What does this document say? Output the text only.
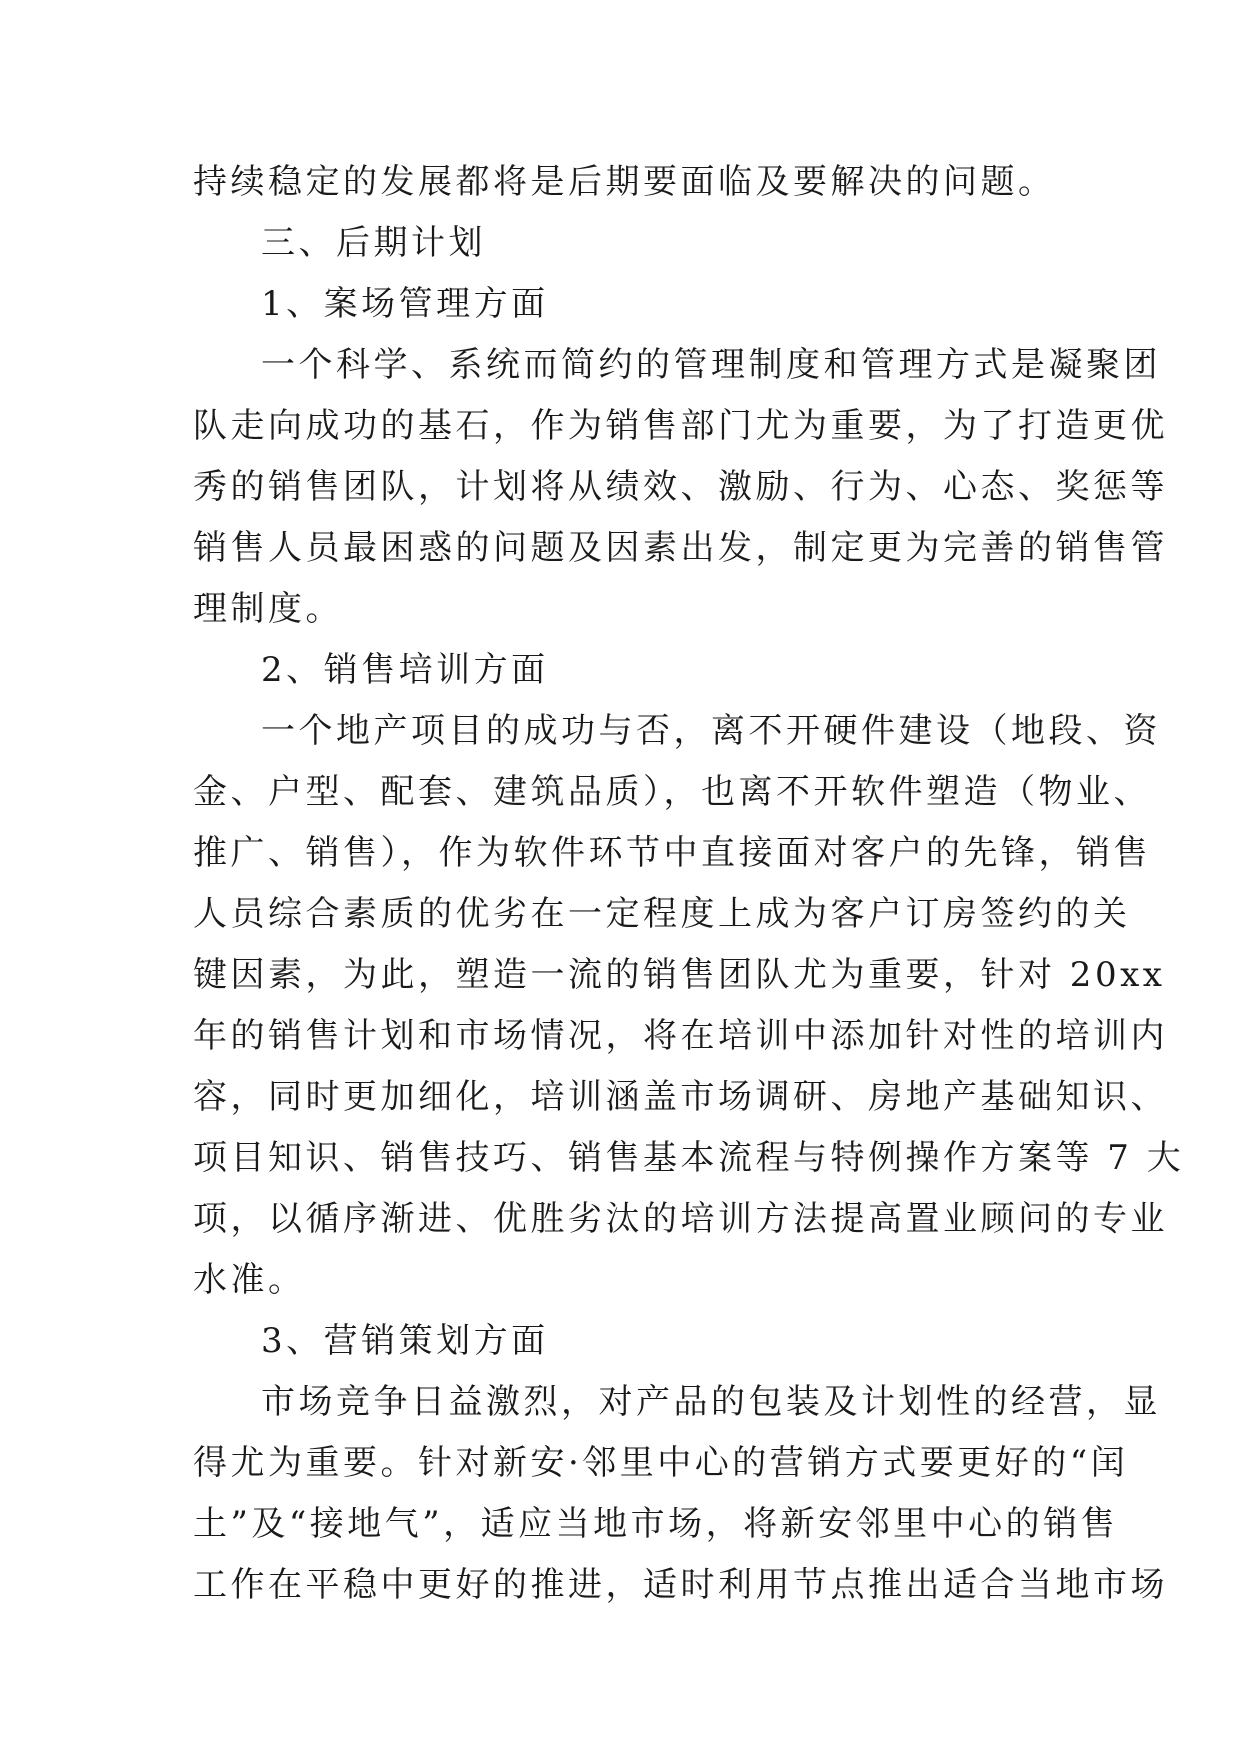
持续稳定的发展都将是后期要面临及要解决的问题。
三、后期计划
1、案场管理方面
一个科学、系统而简约的管理制度和管理方式是凝聚团
队走向成功的基石，作为销售部门尤为重要，为了打造更优
秀的销售团队，计划将从绩效、激励、行为、心态、奖惩等
销售人员最困惑的问题及因素出发，制定更为完善的销售管
理制度。
2、销售培训方面
一个地产项目的成功与否，离不开硬件建设（地段、资
金、户型、配套、建筑品质），也离不开软件塑造（物业、
推广、销售），作为软件环节中直接面对客户的先锋，销售
人员综合素质的优劣在一定程度上成为客户订房签约的关
键因素，为此，塑造一流的销售团队尤为重要，针对 20xx
年的销售计划和市场情况，将在培训中添加针对性的培训内
容，同时更加细化，培训涵盖市场调研、房地产基础知识、
项目知识、销售技巧、销售基本流程与特例操作方案等 7 大
项，以循序渐进、优胜劣汰的培训方法提高置业顾问的专业
水准。
3、营销策划方面
市场竞争日益激烈，对产品的包装及计划性的经营，显
得尤为重要。针对新安·邻里中心的营销方式要更好的“闰
土”及“接地气”，适应当地市场，将新安邻里中心的销售
工作在平稳中更好的推进，适时利用节点推出适合当地市场
